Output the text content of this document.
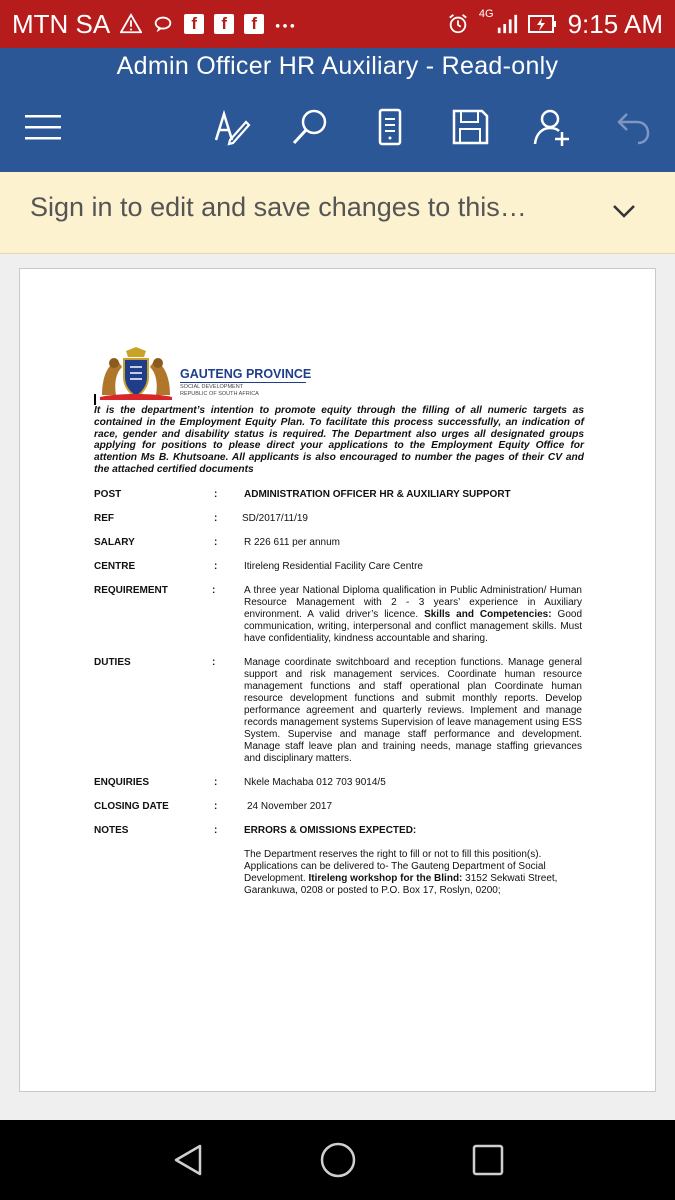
MTN SA	f	f	f	4G	9:15 AM
Admin Officer HR Auxiliary - Read-only
Sign in to edit and save changes to this…
GAUTENG PROVINCE
SOCIAL DEVELOPMENT
REPUBLIC OF SOUTH AFRICA
It is the department’s intention to promote equity through the filling of all numeric targets as contained in the Employment Equity Plan. To facilitate this process successfully, an indication of race, gender and disability status is required. The Department also urges all designated groups applying for positions to please direct your applications to the Employment Equity Office for attention Ms B. Khutsoane. All applicants is also encouraged to number the pages of their CV and the attached certified documents
POST	:	ADMINISTRATION OFFICER HR & AUXILIARY SUPPORT
REF	: SD/2017/11/19
SALARY	:	R 226 611 per annum
CENTRE	:	Itireleng Residential Facility Care Centre
REQUIREMENT	:	A three year National Diploma qualification in Public Administration/ Human Resource Management with 2 - 3 years’ experience in Auxiliary environment. A valid driver’s licence. Skills and Competencies: Good communication, writing, interpersonal and conflict management skills. Must have confidentiality, kindness accountable and sharing.
DUTIES	:	Manage coordinate switchboard and reception functions. Manage general support and risk management services. Coordinate human resource management functions and staff operational plan Coordinate human resource development functions and submit monthly reports. Develop performance agreement and quarterly reviews. Implement and manage records management systems Supervision of leave management using ESS System. Supervise and manage staff performance and development. Manage staff leave plan and training needs, manage staffing grievances and disciplinary matters.
ENQUIRIES	:	Nkele Machaba 012 703 9014/5
CLOSING DATE	:	24 November 2017
NOTES	:	ERRORS & OMISSIONS EXPECTED:
The Department reserves the right to fill or not to fill this position(s). Applications can be delivered to- The Gauteng Department of Social Development. Itireleng workshop for the Blind: 3152 Sekwati Street, Garankuwa, 0208 or posted to P.O. Box 17, Roslyn, 0200;
